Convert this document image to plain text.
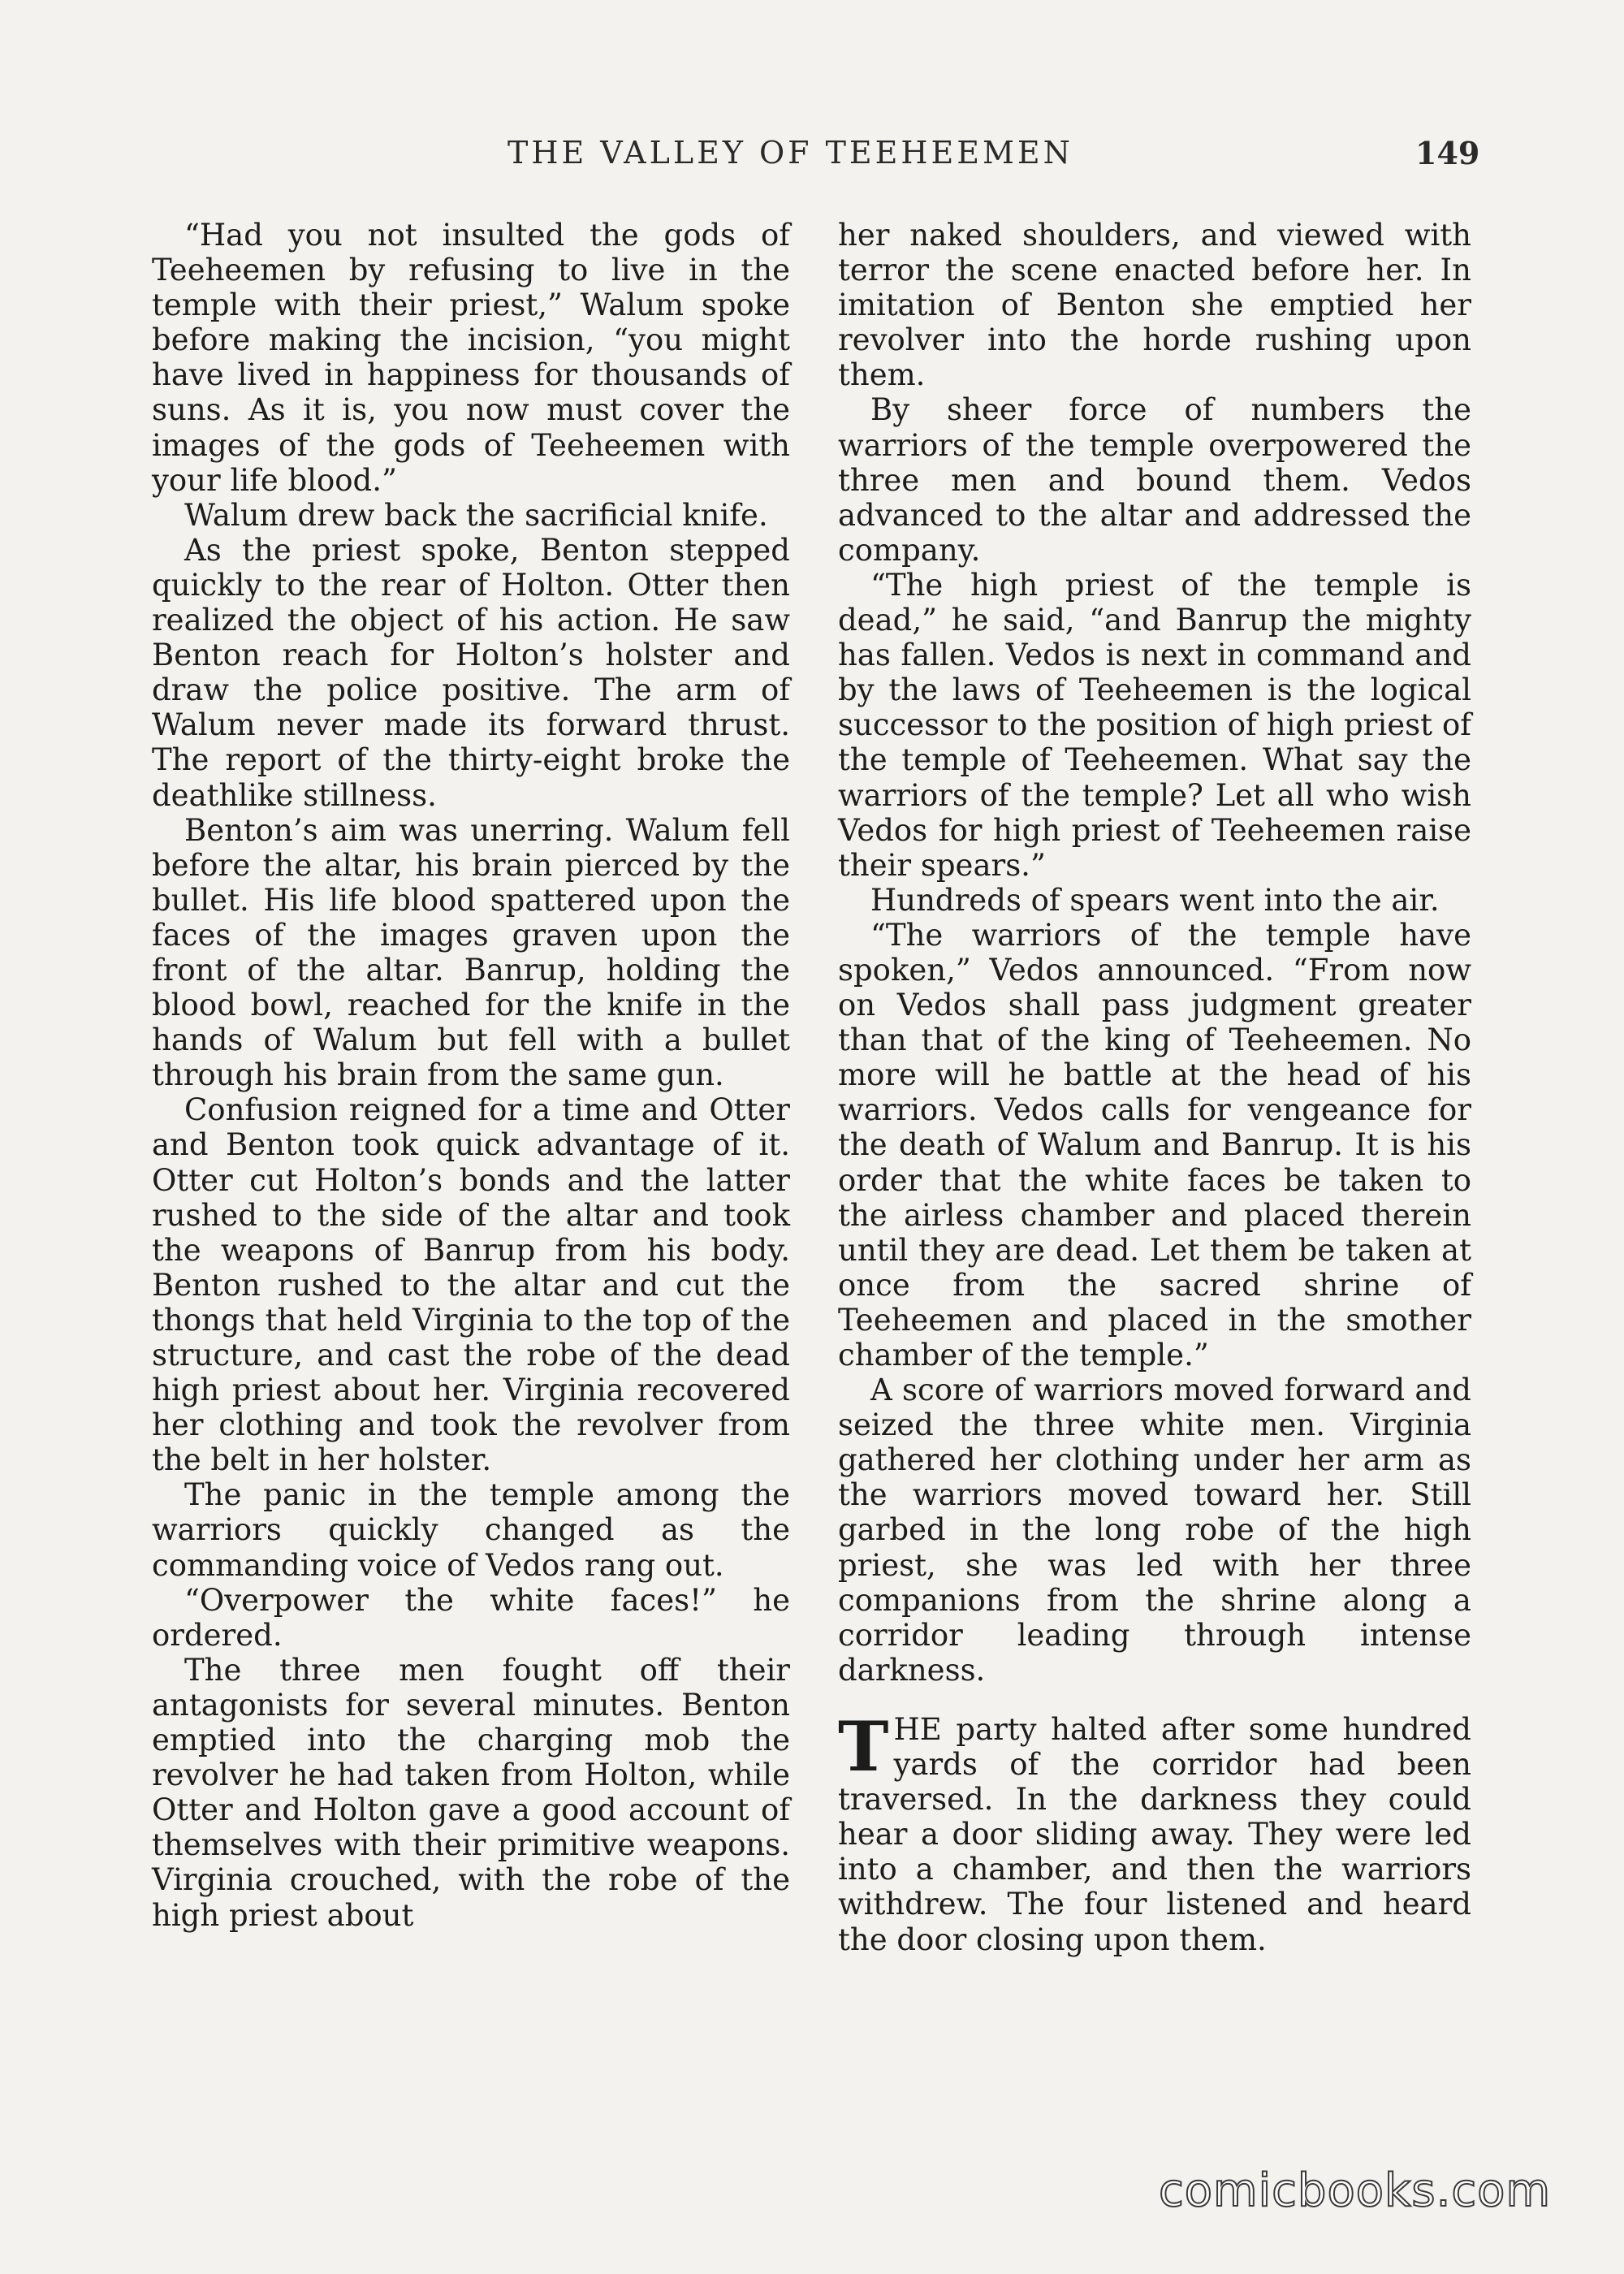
THE VALLEY OF TEEHEEMEN	149

“Had you not insulted the gods of Teeheemen by refusing to live in the temple with their priest,” Walum spoke before making the incision, “you might have lived in happiness for thousands of suns. As it is, you now must cover the images of the gods of Teeheemen with your life blood.”

Walum drew back the sacrificial knife.

As the priest spoke, Benton stepped quickly to the rear of Holton. Otter then realized the object of his action. He saw Benton reach for Holton’s holster and draw the police positive. The arm of Walum never made its forward thrust. The report of the thirty-eight broke the deathlike stillness.

Benton’s aim was unerring. Walum fell before the altar, his brain pierced by the bullet. His life blood spattered upon the faces of the images graven upon the front of the altar. Banrup, holding the blood bowl, reached for the knife in the hands of Walum but fell with a bullet through his brain from the same gun.

Confusion reigned for a time and Otter and Benton took quick advantage of it. Otter cut Holton’s bonds and the latter rushed to the side of the altar and took the weapons of Banrup from his body. Benton rushed to the altar and cut the thongs that held Virginia to the top of the structure, and cast the robe of the dead high priest about her. Virginia recovered her clothing and took the revolver from the belt in her holster.

The panic in the temple among the warriors quickly changed as the commanding voice of Vedos rang out.

“Overpower the white faces!” he ordered.

The three men fought off their antagonists for several minutes. Benton emptied into the charging mob the revolver he had taken from Holton, while Otter and Holton gave a good account of themselves with their primitive weapons. Virginia crouched, with the robe of the high priest about

her naked shoulders, and viewed with terror the scene enacted before her. In imitation of Benton she emptied her revolver into the horde rushing upon them.

By sheer force of numbers the warriors of the temple overpowered the three men and bound them. Vedos advanced to the altar and addressed the company.

“The high priest of the temple is dead,” he said, “and Banrup the mighty has fallen. Vedos is next in command and by the laws of Teeheemen is the logical successor to the position of high priest of the temple of Teeheemen. What say the warriors of the temple? Let all who wish Vedos for high priest of Teeheemen raise their spears.”

Hundreds of spears went into the air.

“The warriors of the temple have spoken,” Vedos announced. “From now on Vedos shall pass judgment greater than that of the king of Teeheemen. No more will he battle at the head of his warriors. Vedos calls for vengeance for the death of Walum and Banrup. It is his order that the white faces be taken to the airless chamber and placed therein until they are dead. Let them be taken at once from the sacred shrine of Teeheemen and placed in the smother chamber of the temple.”

A score of warriors moved forward and seized the three white men. Virginia gathered her clothing under her arm as the warriors moved toward her. Still garbed in the long robe of the high priest, she was led with her three companions from the shrine along a corridor leading through intense darkness.

THE party halted after some hundred yards of the corridor had been traversed. In the darkness they could hear a door sliding away. They were led into a chamber, and then the warriors withdrew. The four listened and heard the door closing upon them.

comicbooks.com
